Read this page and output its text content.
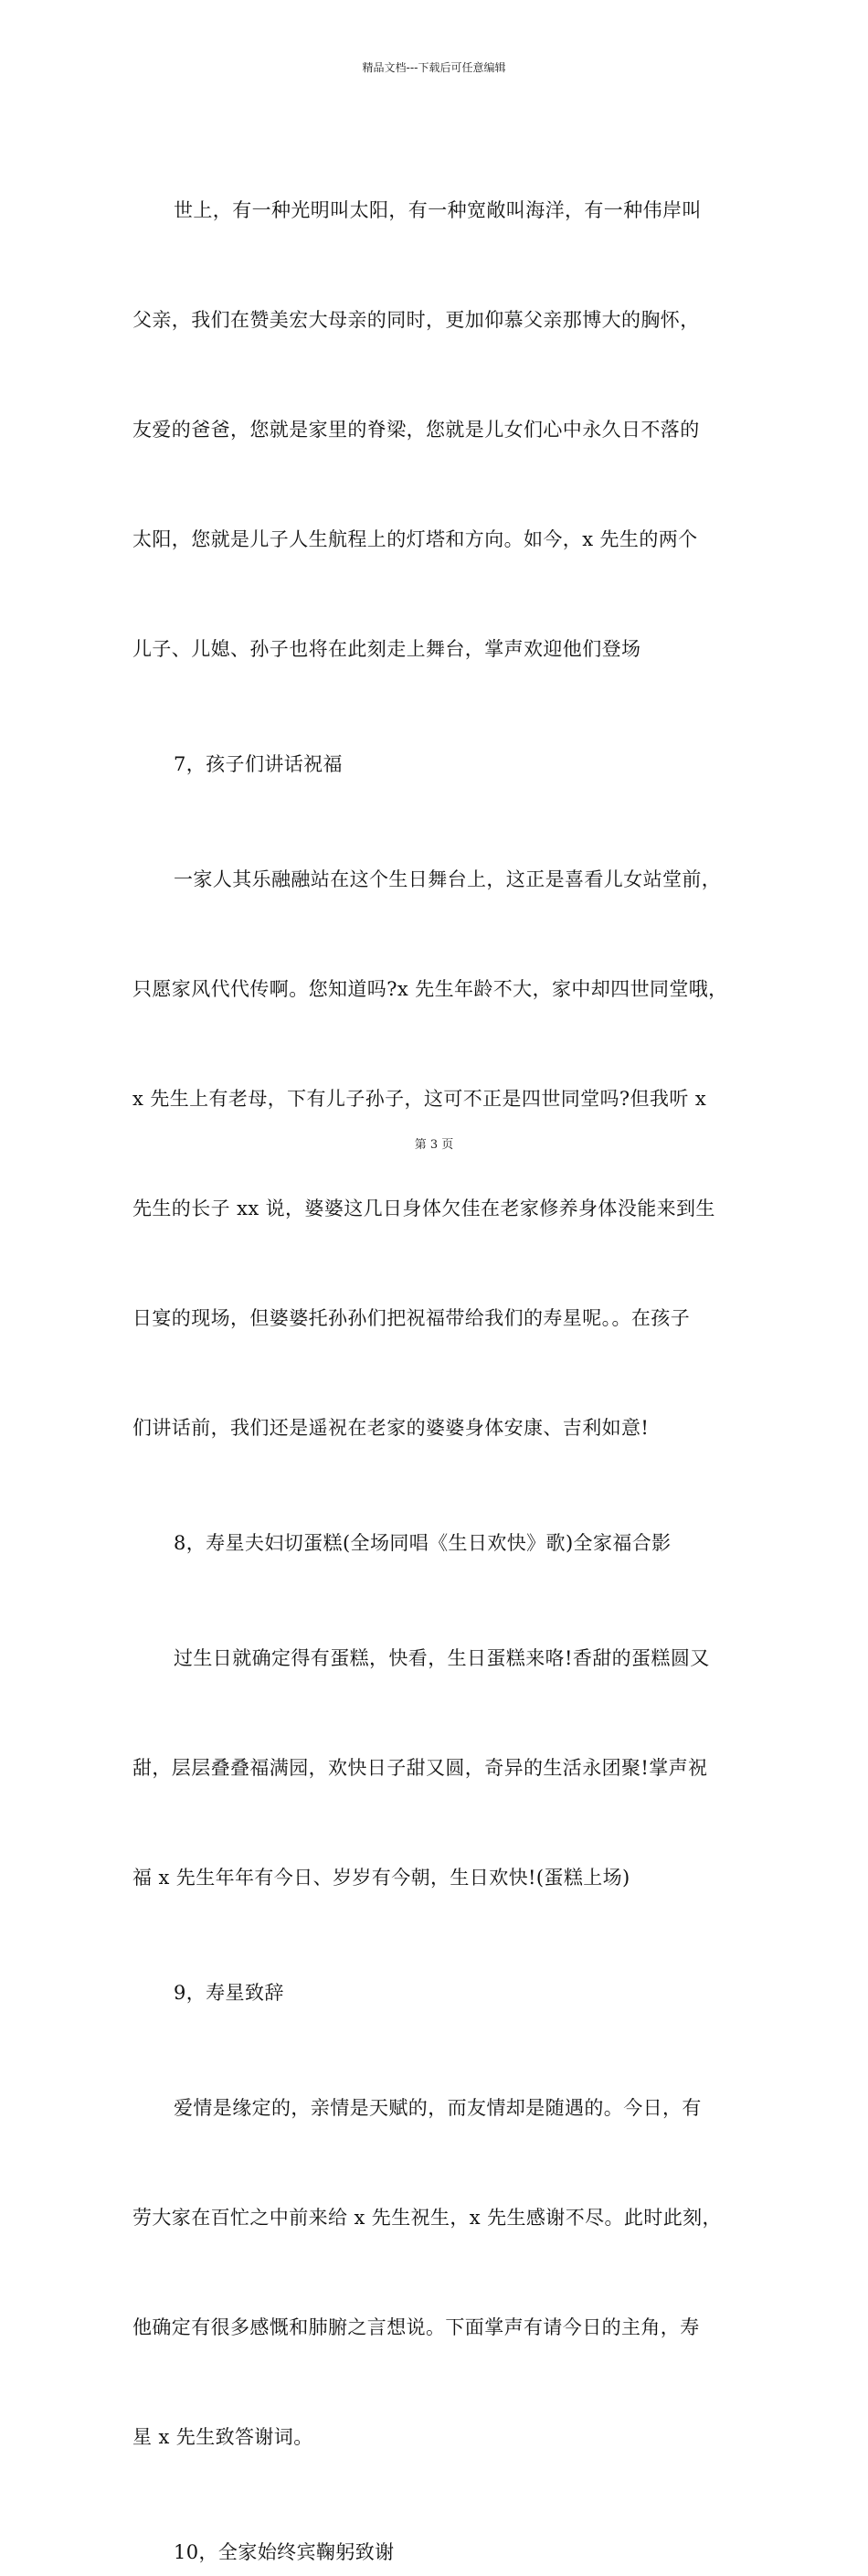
精品文档---下载后可任意编辑

世上，有一种光明叫太阳，有一种宽敞叫海洋，有一种伟岸叫

父亲，我们在赞美宏大母亲的同时，更加仰慕父亲那博大的胸怀，

友爱的爸爸，您就是家里的脊梁，您就是儿女们心中永久日不落的

太阳，您就是儿子人生航程上的灯塔和方向。如今，x 先生的两个

儿子、儿媳、孙子也将在此刻走上舞台，掌声欢迎他们登场

7，孩子们讲话祝福

一家人其乐融融站在这个生日舞台上，这正是喜看儿女站堂前，

只愿家风代代传啊。您知道吗?x 先生年龄不大，家中却四世同堂哦，

x 先生上有老母，下有儿子孙子，这可不正是四世同堂吗?但我听 x

先生的长子 xx 说，婆婆这几日身体欠佳在老家修养身体没能来到生

日宴的现场，但婆婆托孙孙们把祝福带给我们的寿星呢。。在孩子

们讲话前，我们还是遥祝在老家的婆婆身体安康、吉利如意!

8，寿星夫妇切蛋糕(全场同唱《生日欢快》歌)全家福合影

过生日就确定得有蛋糕，快看，生日蛋糕来咯!香甜的蛋糕圆又

甜，层层叠叠福满园，欢快日子甜又圆，奇异的生活永团聚!掌声祝

福 x 先生年年有今日、岁岁有今朝，生日欢快!(蛋糕上场)

9，寿星致辞

爱情是缘定的，亲情是天赋的，而友情却是随遇的。今日，有

劳大家在百忙之中前来给 x 先生祝生，x 先生感谢不尽。此时此刻，

他确定有很多感慨和肺腑之言想说。下面掌声有请今日的主角，寿

星 x 先生致答谢词。

10，全家始终宾鞠躬致谢
第 3 页
